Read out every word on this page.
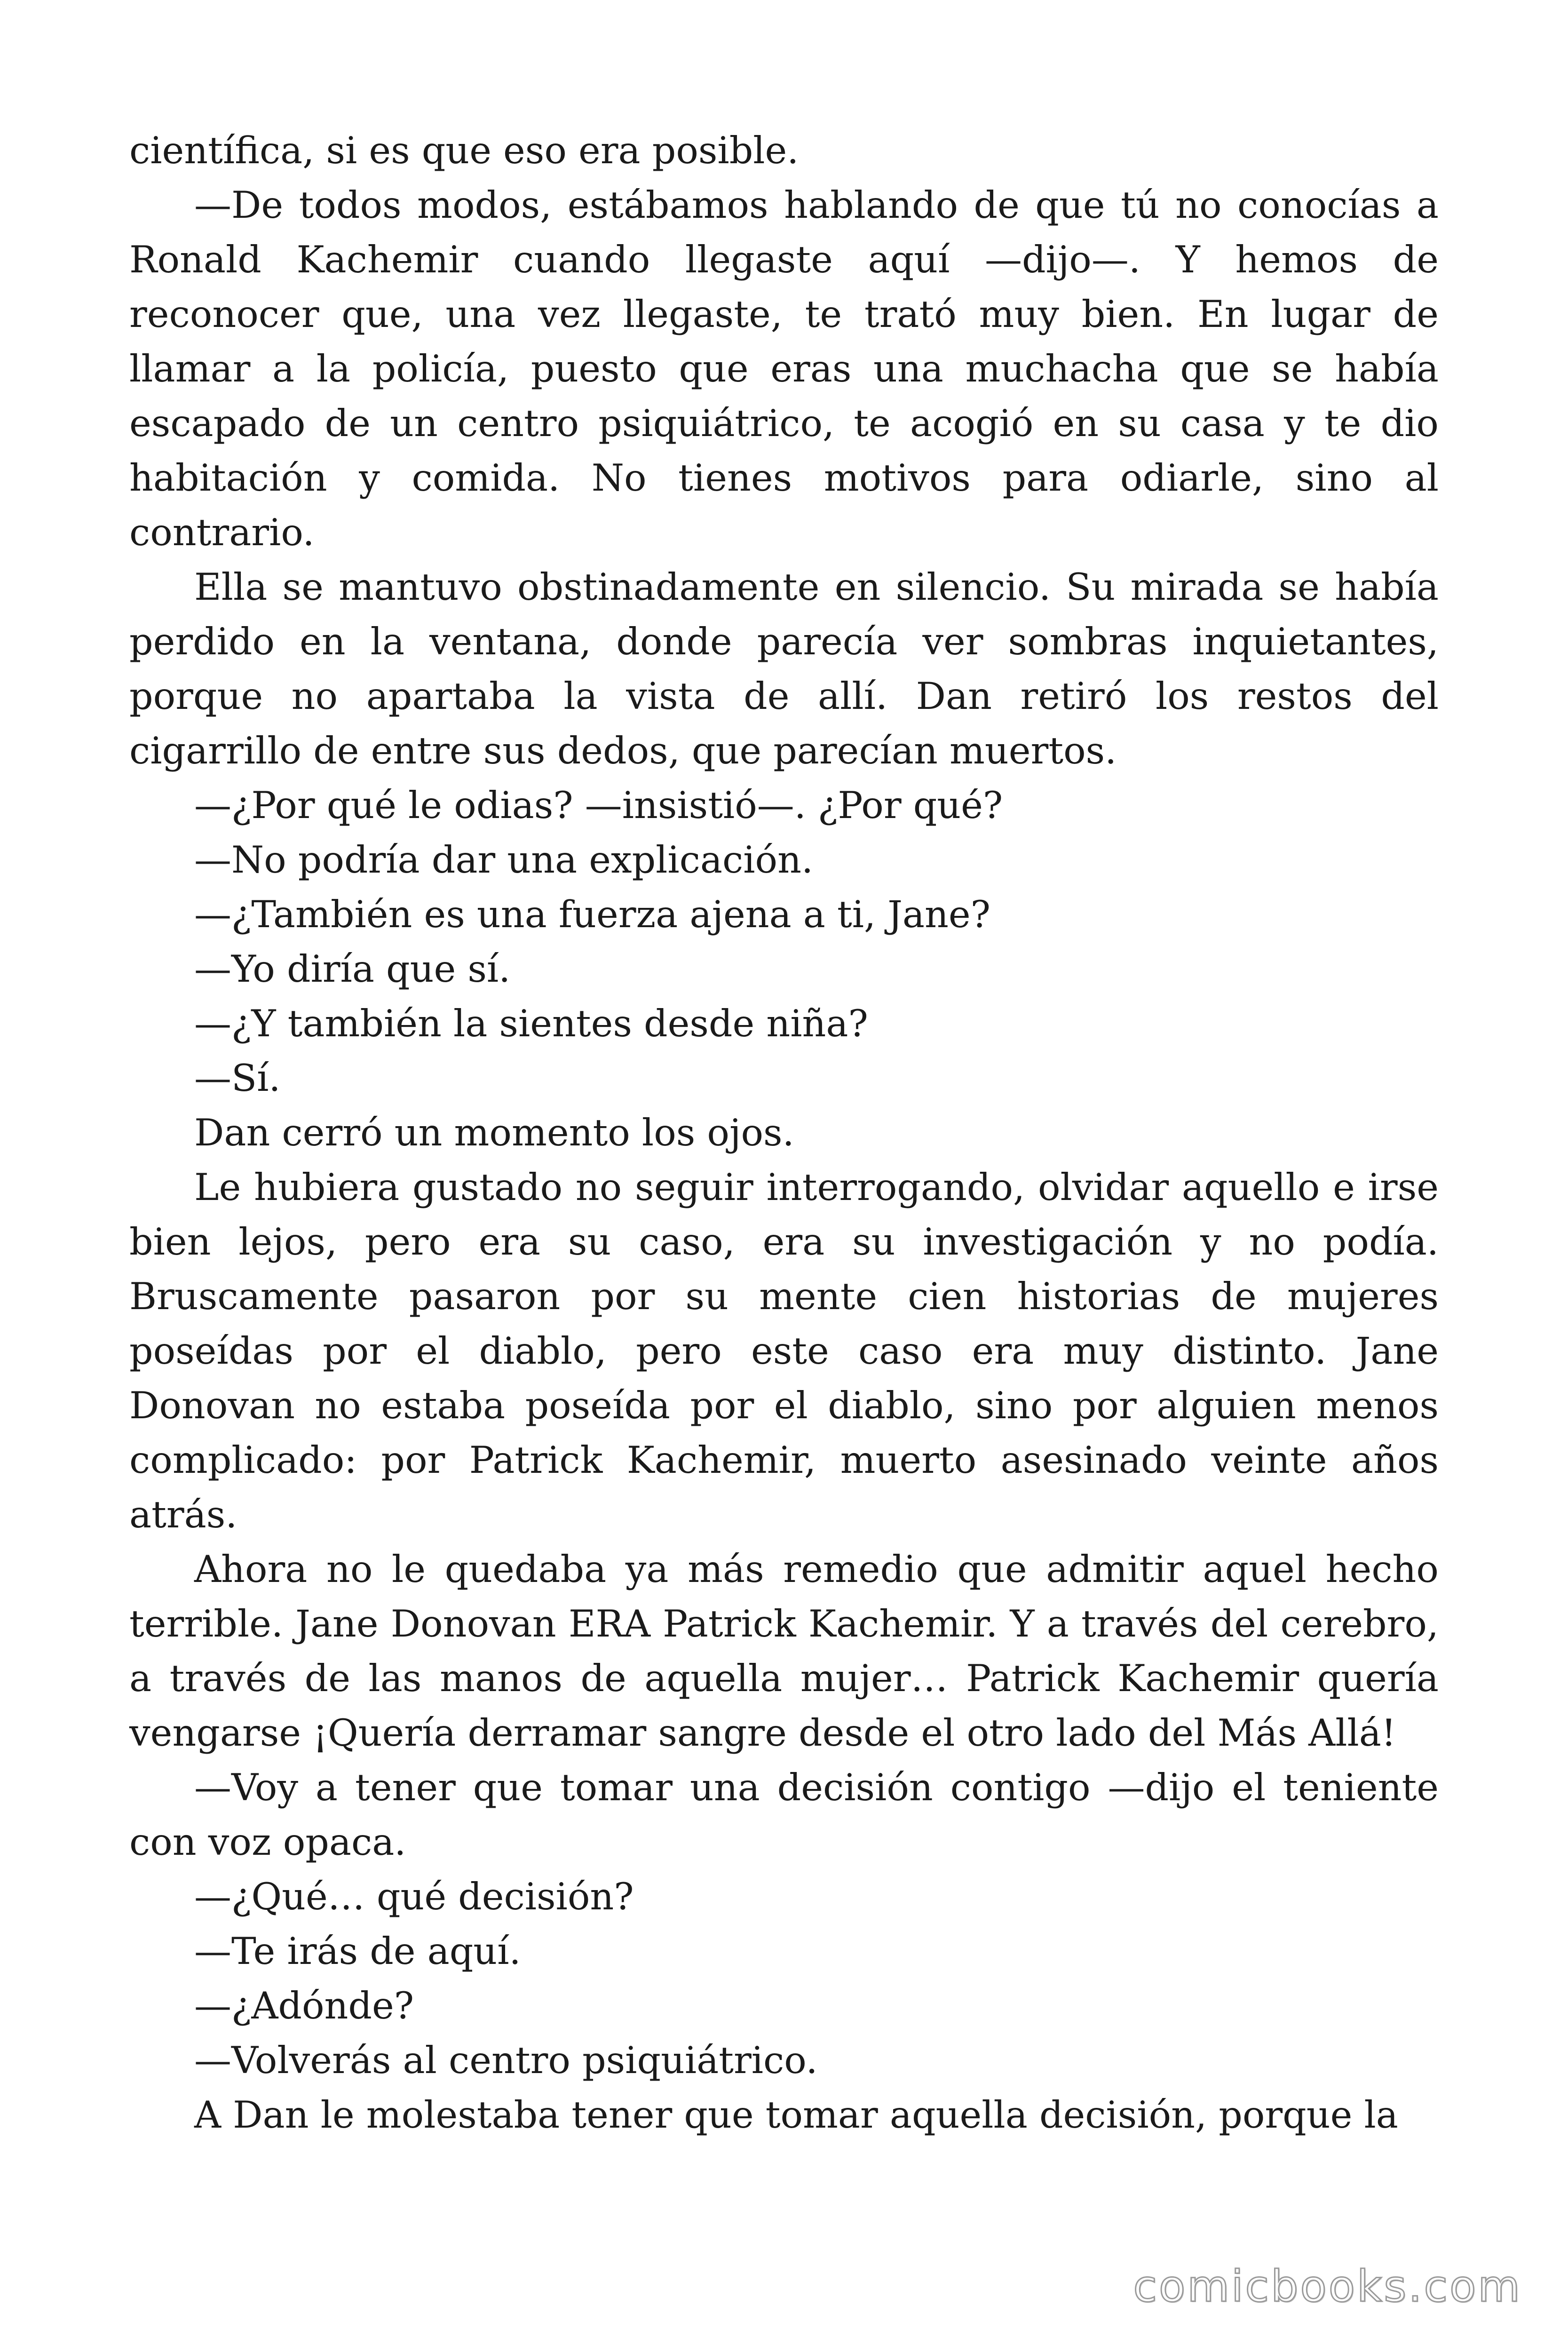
científica, si es que eso era posible.

—De todos modos, estábamos hablando de que tú no conocías a Ronald Kachemir cuando llegaste aquí —dijo—. Y hemos de reconocer que, una vez llegaste, te trató muy bien. En lugar de llamar a la policía, puesto que eras una muchacha que se había escapado de un centro psiquiátrico, te acogió en su casa y te dio habitación y comida. No tienes motivos para odiarle, sino al contrario.

Ella se mantuvo obstinadamente en silencio. Su mirada se había perdido en la ventana, donde parecía ver sombras inquietantes, porque no apartaba la vista de allí. Dan retiró los restos del cigarrillo de entre sus dedos, que parecían muertos.

—¿Por qué le odias? —insistió—. ¿Por qué?

—No podría dar una explicación.

—¿También es una fuerza ajena a ti, Jane?

—Yo diría que sí.

—¿Y también la sientes desde niña?

—Sí.

Dan cerró un momento los ojos.

Le hubiera gustado no seguir interrogando, olvidar aquello e irse bien lejos, pero era su caso, era su investigación y no podía. Bruscamente pasaron por su mente cien historias de mujeres poseídas por el diablo, pero este caso era muy distinto. Jane Donovan no estaba poseída por el diablo, sino por alguien menos complicado: por Patrick Kachemir, muerto asesinado veinte años atrás.

Ahora no le quedaba ya más remedio que admitir aquel hecho terrible. Jane Donovan ERA Patrick Kachemir. Y a través del cerebro, a través de las manos de aquella mujer… Patrick Kachemir quería vengarse ¡Quería derramar sangre desde el otro lado del Más Allá!

—Voy a tener que tomar una decisión contigo —dijo el teniente con voz opaca.

—¿Qué… qué decisión?

—Te irás de aquí.

—¿Adónde?

—Volverás al centro psiquiátrico.

A Dan le molestaba tener que tomar aquella decisión, porque la

comicbooks.com
